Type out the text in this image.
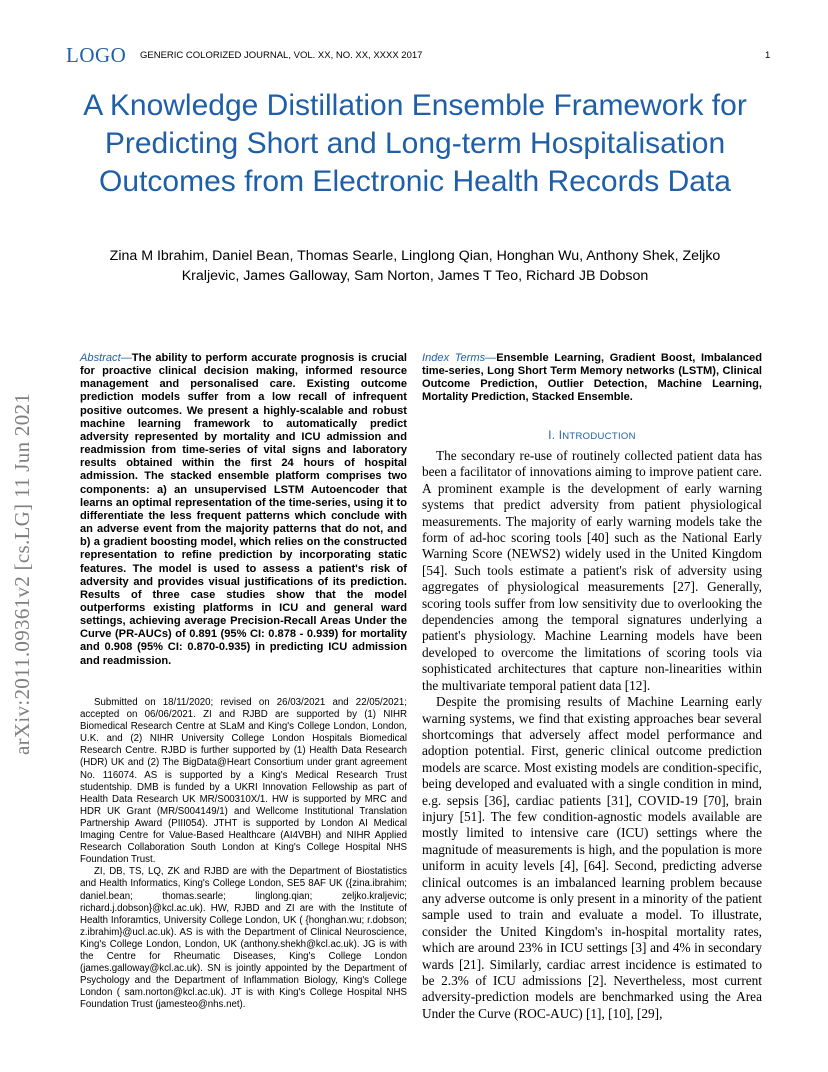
LOGO GENERIC COLORIZED JOURNAL, VOL. XX, NO. XX, XXXX 2017	1
A Knowledge Distillation Ensemble Framework for Predicting Short and Long-term Hospitalisation Outcomes from Electronic Health Records Data
Zina M Ibrahim, Daniel Bean, Thomas Searle, Linglong Qian, Honghan Wu, Anthony Shek, Zeljko Kraljevic, James Galloway, Sam Norton, James T Teo, Richard JB Dobson
arXiv:2011.09361v2 [cs.LG] 11 Jun 2021
Abstract—The ability to perform accurate prognosis is crucial for proactive clinical decision making, informed resource management and personalised care. Existing outcome prediction models suffer from a low recall of infrequent positive outcomes. We present a highly-scalable and robust machine learning framework to automatically predict adversity represented by mortality and ICU admission and readmission from time-series of vital signs and laboratory results obtained within the first 24 hours of hospital admission. The stacked ensemble platform comprises two components: a) an unsupervised LSTM Autoencoder that learns an optimal representation of the time-series, using it to differentiate the less frequent patterns which conclude with an adverse event from the majority patterns that do not, and b) a gradient boosting model, which relies on the constructed representation to refine prediction by incorporating static features. The model is used to assess a patient's risk of adversity and provides visual justifications of its prediction. Results of three case studies show that the model outperforms existing platforms in ICU and general ward settings, achieving average Precision-Recall Areas Under the Curve (PR-AUCs) of 0.891 (95% CI: 0.878 - 0.939) for mortality and 0.908 (95% CI: 0.870-0.935) in predicting ICU admission and readmission.

Submitted on 18/11/2020; revised on 26/03/2021 and 22/05/2021; accepted on 06/06/2021. ZI and RJBD are supported by (1) NIHR Biomedical Research Centre at SLaM and King's College London, London, U.K. and (2) NIHR University College London Hospitals Biomedical Research Centre. RJBD is further supported by (1) Health Data Research (HDR) UK and (2) The BigData@Heart Consortium under grant agreement No. 116074. AS is supported by a King's Medical Research Trust studentship. DMB is funded by a UKRI Innovation Fellowship as part of Health Data Research UK MR/S00310X/1. HW is supported by MRC and HDR UK Grant (MR/S004149/1) and Wellcome Institutional Translation Partnership Award (PIII054). JTHT is supported by London AI Medical Imaging Centre for Value-Based Healthcare (AI4VBH) and NIHR Applied Research Collaboration South London at King's College Hospital NHS Foundation Trust.

ZI, DB, TS, LQ, ZK and RJBD are with the Department of Biostatistics and Health Informatics, King's College London, SE5 8AF UK ({zina.ibrahim; daniel.bean; thomas.searle; linglong.qian; zeljko.kraljevic; richard.j.dobson}@kcl.ac.uk). HW, RJBD and ZI are with the Institute of Health Inforamtics, University College London, UK ( {honghan.wu; r.dobson; z.ibrahim}@ucl.ac.uk). AS is with the Department of Clinical Neuroscience, King's College London, London, UK (anthony.shekh@kcl.ac.uk). JG is with the Centre for Rheumatic Diseases, King's College London (james.galloway@kcl.ac.uk). SN is jointly appointed by the Department of Psychology and the Department of Inflammation Biology, King's College London ( sam.norton@kcl.ac.uk). JT is with King's College Hospital NHS Foundation Trust (jamesteo@nhs.net).

Index Terms—Ensemble Learning, Gradient Boost, Imbalanced time-series, Long Short Term Memory networks (LSTM), Clinical Outcome Prediction, Outlier Detection, Machine Learning, Mortality Prediction, Stacked Ensemble.
I. INTRODUCTION

The secondary re-use of routinely collected patient data has been a facilitator of innovations aiming to improve patient care. A prominent example is the development of early warning systems that predict adversity from patient physiological measurements. The majority of early warning models take the form of ad-hoc scoring tools [40] such as the National Early Warning Score (NEWS2) widely used in the United Kingdom [54]. Such tools estimate a patient's risk of adversity using aggregates of physiological measurements [27]. Generally, scoring tools suffer from low sensitivity due to overlooking the dependencies among the temporal signatures underlying a patient's physiology. Machine Learning models have been developed to overcome the limitations of scoring tools via sophisticated architectures that capture non-linearities within the multivariate temporal patient data [12].

Despite the promising results of Machine Learning early warning systems, we find that existing approaches bear several shortcomings that adversely affect model performance and adoption potential. First, generic clinical outcome prediction models are scarce. Most existing models are condition-specific, being developed and evaluated with a single condition in mind, e.g. sepsis [36], cardiac patients [31], COVID-19 [70], brain injury [51]. The few condition-agnostic models available are mostly limited to intensive care (ICU) settings where the magnitude of measurements is high, and the population is more uniform in acuity levels [4], [64]. Second, predicting adverse clinical outcomes is an imbalanced learning problem because any adverse outcome is only present in a minority of the patient sample used to train and evaluate a model. To illustrate, consider the United Kingdom's in-hospital mortality rates, which are around 23% in ICU settings [3] and 4% in secondary wards [21]. Similarly, cardiac arrest incidence is estimated to be 2.3% of ICU admissions [2]. Nevertheless, most current adversity-prediction models are benchmarked using the Area Under the Curve (ROC-AUC) [1], [10], [29],
